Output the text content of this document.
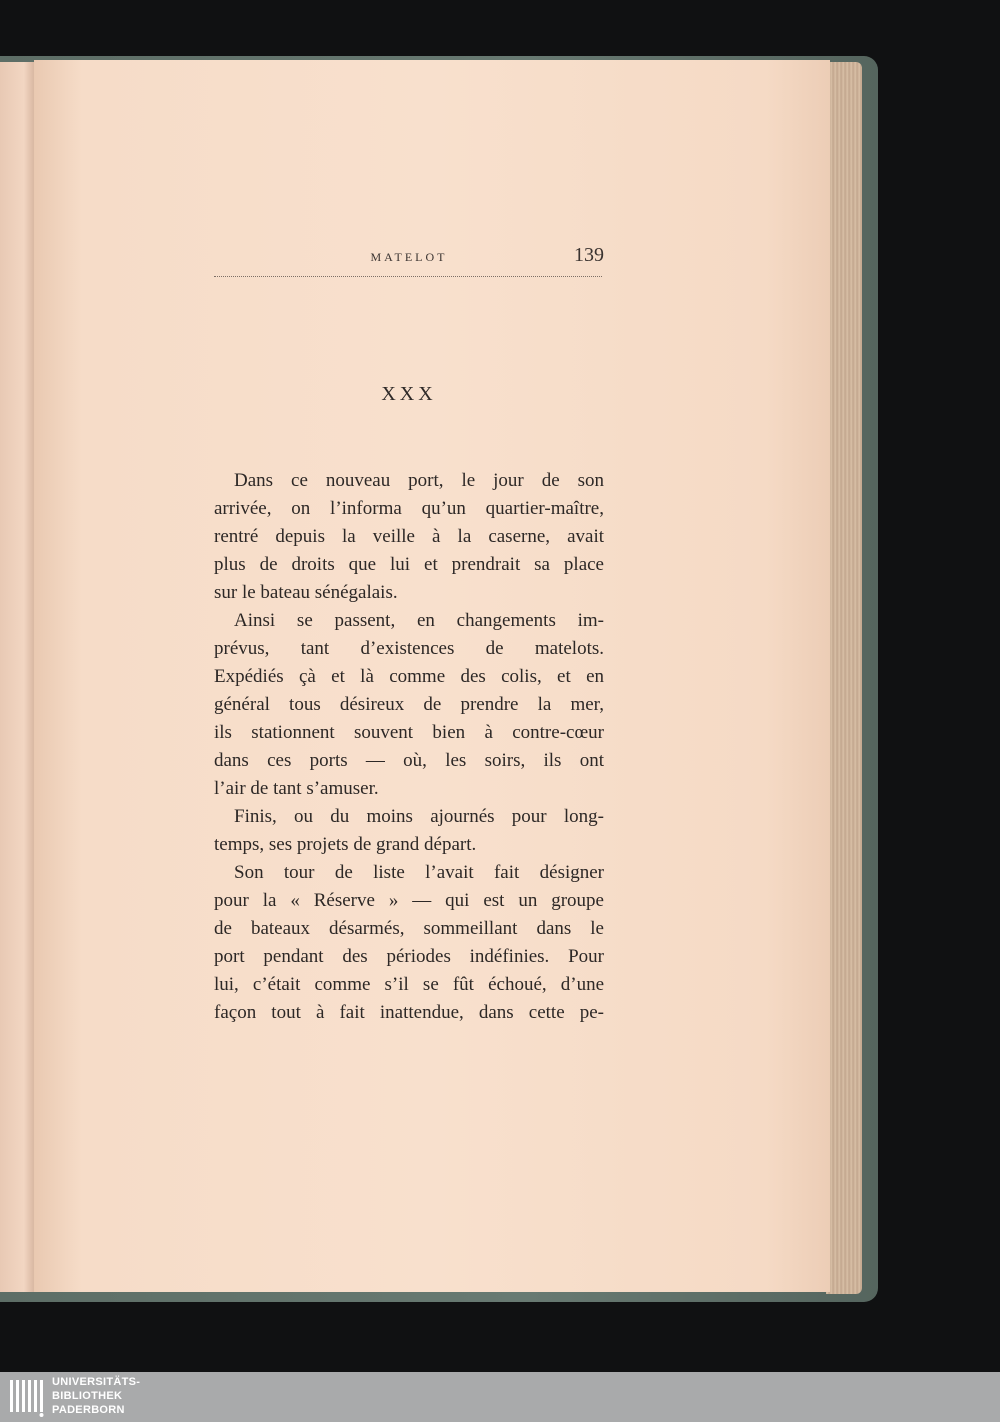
MATELOT	139
XXX
Dans ce nouveau port, le jour de son
arrivée, on l’informa qu’un quartier-maître,
rentré depuis la veille à la caserne, avait
plus de droits que lui et prendrait sa place
sur le bateau sénégalais.
Ainsi se passent, en changements im-
prévus, tant d’existences de matelots.
Expédiés çà et là comme des colis, et en
général tous désireux de prendre la mer,
ils stationnent souvent bien à contre-cœur
dans ces ports — où, les soirs, ils ont
l’air de tant s’amuser.
Finis, ou du moins ajournés pour long-
temps, ses projets de grand départ.
Son tour de liste l’avait fait désigner
pour la « Réserve » — qui est un groupe
de bateaux désarmés, sommeillant dans le
port pendant des périodes indéfinies. Pour
lui, c’était comme s’il se fût échoué, d’une
façon tout à fait inattendue, dans cette pe-
UNIVERSITÄTS-
BIBLIOTHEK
PADERBORN
